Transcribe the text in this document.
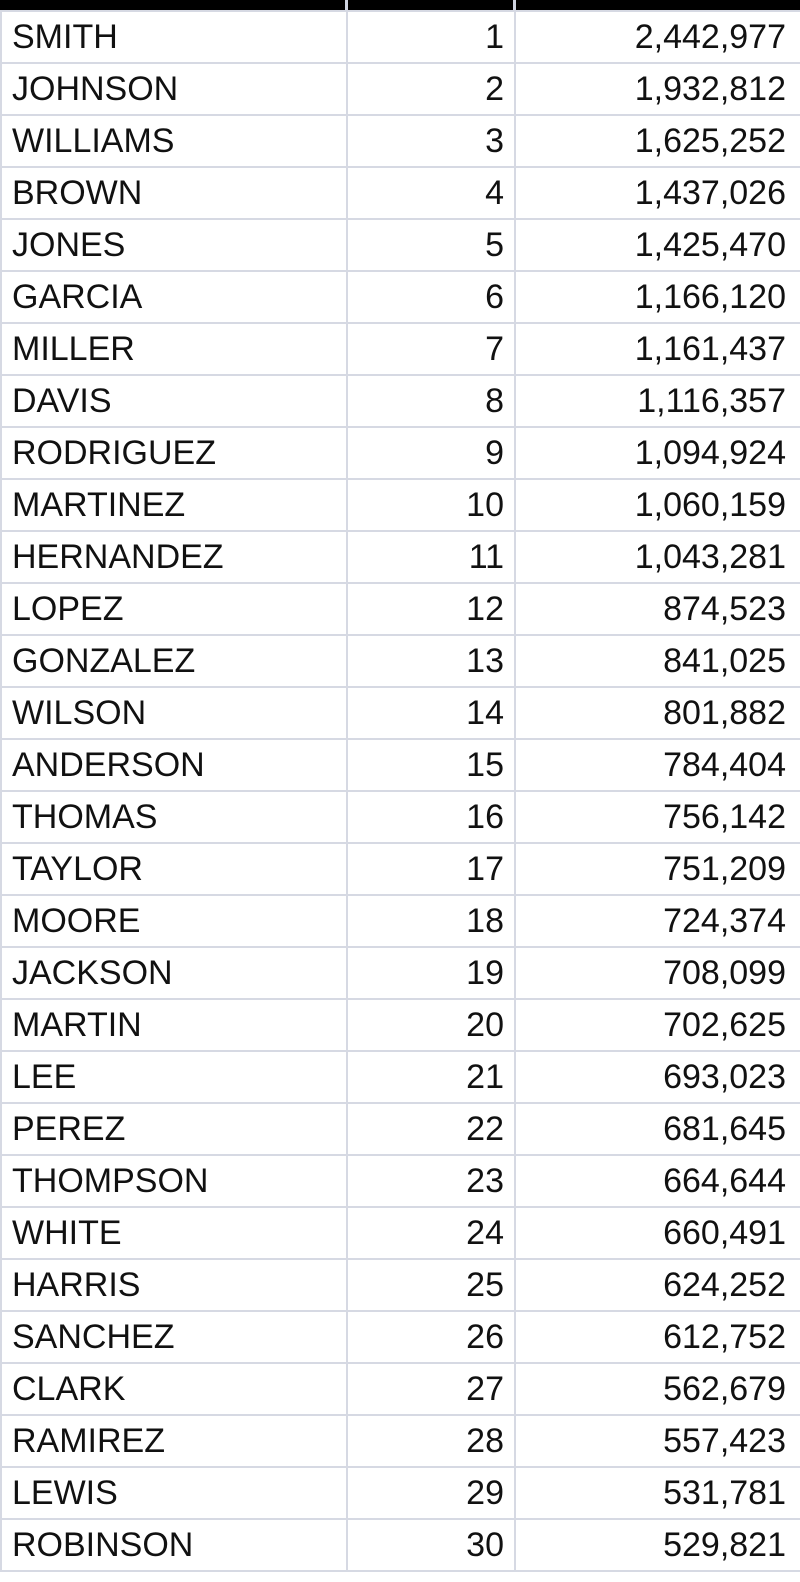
SMITH	1	2,442,977
JOHNSON	2	1,932,812
WILLIAMS	3	1,625,252
BROWN	4	1,437,026
JONES	5	1,425,470
GARCIA	6	1,166,120
MILLER	7	1,161,437
DAVIS	8	1,116,357
RODRIGUEZ	9	1,094,924
MARTINEZ	10	1,060,159
HERNANDEZ	11	1,043,281
LOPEZ	12	874,523
GONZALEZ	13	841,025
WILSON	14	801,882
ANDERSON	15	784,404
THOMAS	16	756,142
TAYLOR	17	751,209
MOORE	18	724,374
JACKSON	19	708,099
MARTIN	20	702,625
LEE	21	693,023
PEREZ	22	681,645
THOMPSON	23	664,644
WHITE	24	660,491
HARRIS	25	624,252
SANCHEZ	26	612,752
CLARK	27	562,679
RAMIREZ	28	557,423
LEWIS	29	531,781
ROBINSON	30	529,821
